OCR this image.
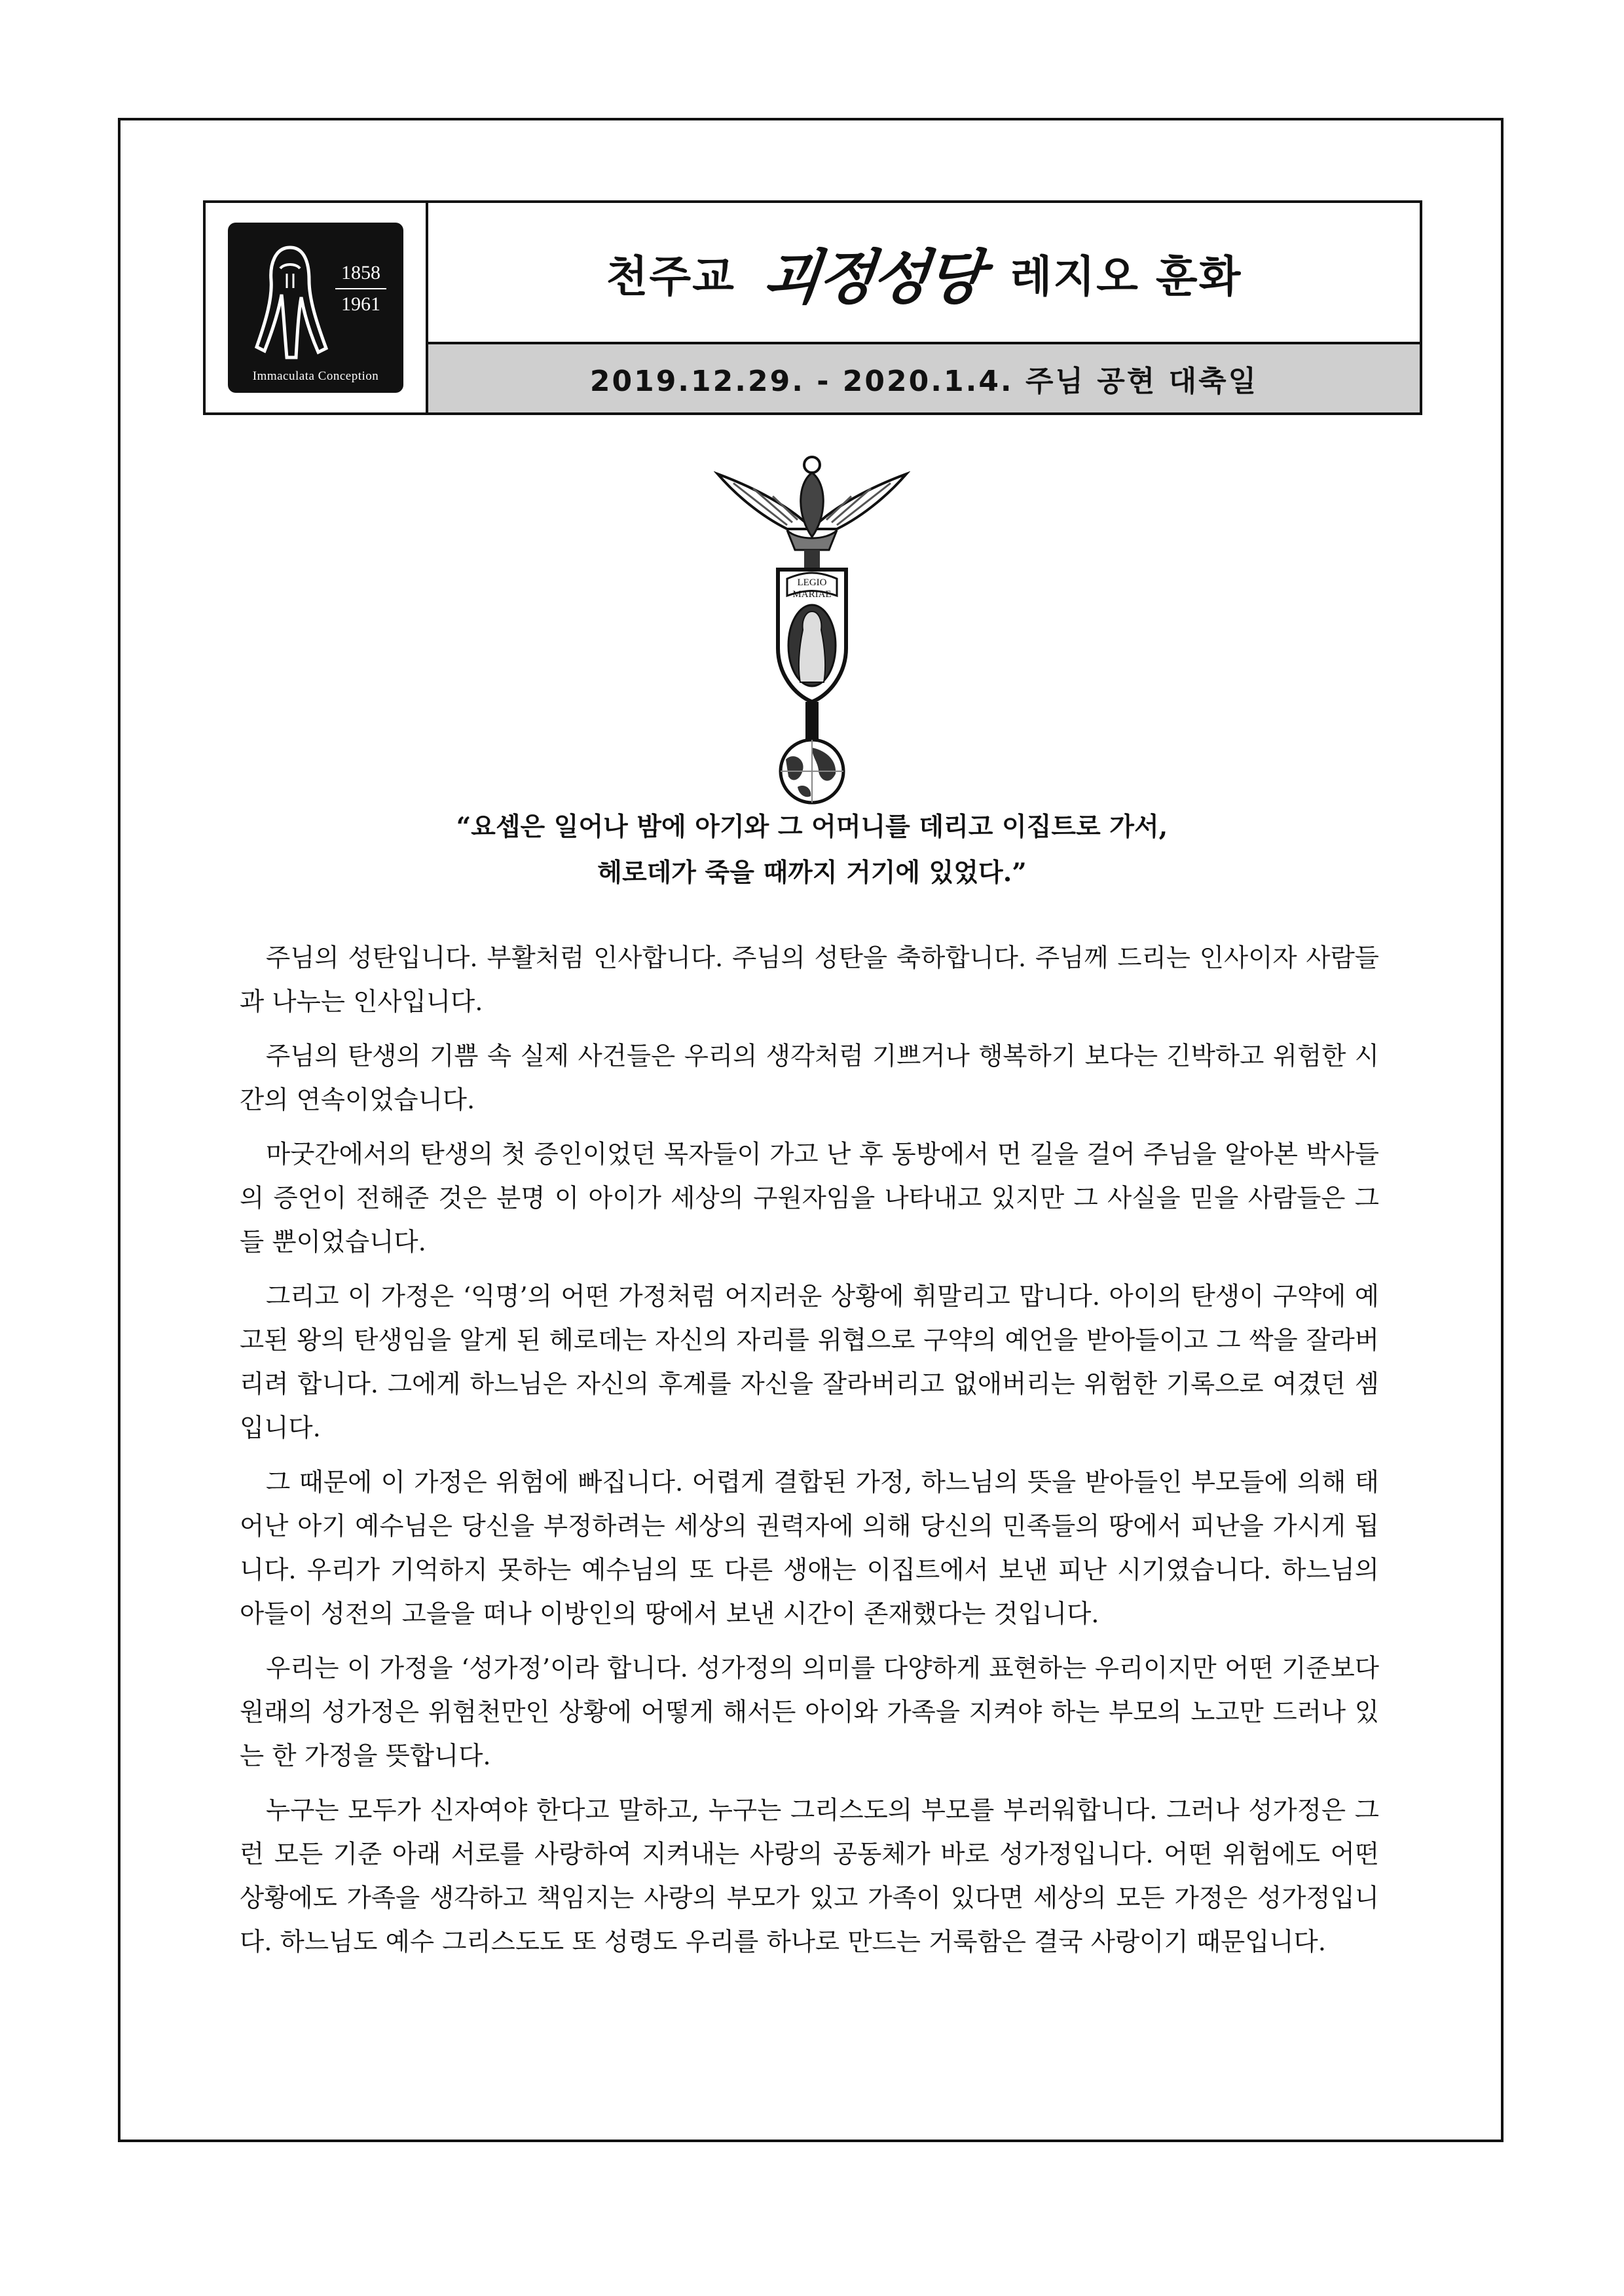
1858
1961
Immaculata Conception
천주교 괴정성당 레지오 훈화
2019.12.29. - 2020.1.4. 주님 공현 대축일
LEGIO
MARIAE
“요셉은 일어나 밤에 아기와 그 어머니를 데리고 이집트로 가서,
헤로데가 죽을 때까지 거기에 있었다.”

주님의 성탄입니다. 부활처럼 인사합니다. 주님의 성탄을 축하합니다. 주님께 드리는 인사이자 사람들과 나누는 인사입니다.

주님의 탄생의 기쁨 속 실제 사건들은 우리의 생각처럼 기쁘거나 행복하기 보다는 긴박하고 위험한 시간의 연속이었습니다.

마굿간에서의 탄생의 첫 증인이었던 목자들이 가고 난 후 동방에서 먼 길을 걸어 주님을 알아본 박사들의 증언이 전해준 것은 분명 이 아이가 세상의 구원자임을 나타내고 있지만 그 사실을 믿을 사람들은 그들 뿐이었습니다.

그리고 이 가정은 ‘익명’의 어떤 가정처럼 어지러운 상황에 휘말리고 맙니다. 아이의 탄생이 구약에 예고된 왕의 탄생임을 알게 된 헤로데는 자신의 자리를 위협으로 구약의 예언을 받아들이고 그 싹을 잘라버리려 합니다. 그에게 하느님은 자신의 후계를 자신을 잘라버리고 없애버리는 위험한 기록으로 여겼던 셈입니다.

그 때문에 이 가정은 위험에 빠집니다. 어렵게 결합된 가정, 하느님의 뜻을 받아들인 부모들에 의해 태어난 아기 예수님은 당신을 부정하려는 세상의 권력자에 의해 당신의 민족들의 땅에서 피난을 가시게 됩니다. 우리가 기억하지 못하는 예수님의 또 다른 생애는 이집트에서 보낸 피난 시기였습니다. 하느님의 아들이 성전의 고을을 떠나 이방인의 땅에서 보낸 시간이 존재했다는 것입니다.

우리는 이 가정을 ‘성가정’이라 합니다. 성가정의 의미를 다양하게 표현하는 우리이지만 어떤 기준보다 원래의 성가정은 위험천만인 상황에 어떻게 해서든 아이와 가족을 지켜야 하는 부모의 노고만 드러나 있는 한 가정을 뜻합니다.

누구는 모두가 신자여야 한다고 말하고, 누구는 그리스도의 부모를 부러워합니다. 그러나 성가정은 그런 모든 기준 아래 서로를 사랑하여 지켜내는 사랑의 공동체가 바로 성가정입니다. 어떤 위험에도 어떤 상황에도 가족을 생각하고 책임지는 사랑의 부모가 있고 가족이 있다면 세상의 모든 가정은 성가정입니다. 하느님도 예수 그리스도도 또 성령도 우리를 하나로 만드는 거룩함은 결국 사랑이기 때문입니다.
